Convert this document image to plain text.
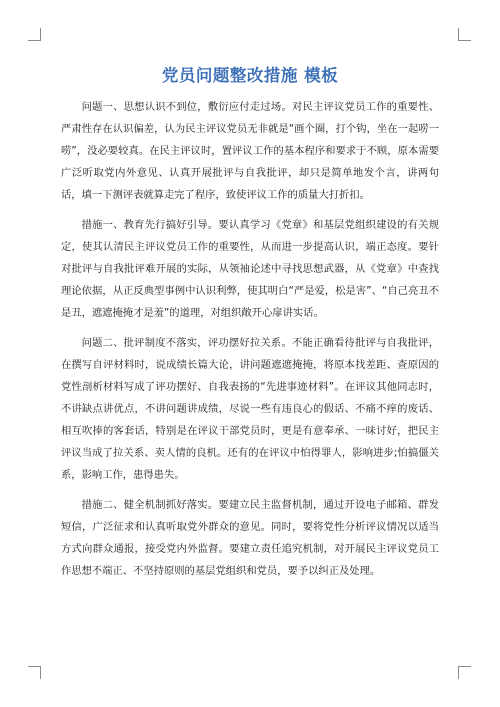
党员问题整改措施 模板

问题一、思想认识不到位，敷衍应付走过场。对民主评议党员工作的重要性、严肃性存在认识偏差，认为民主评议党员无非就是“画个圈，打个钩，坐在一起唠一唠”，没必要较真。在民主评议时，置评议工作的基本程序和要求于不顾，原本需要广泛听取党内外意见、认真开展批评与自我批评，却只是简单地发个言，讲两句话，填一下测评表就算走完了程序，致使评议工作的质量大打折扣。

措施一、教育先行搞好引导。要认真学习《党章》和基层党组织建设的有关规定，使其认清民主评议党员工作的重要性，从而进一步提高认识，端正态度。要针对批评与自我批评难开展的实际，从领袖论述中寻找思想武器，从《党章》中查找理论依据，从正反典型事例中认识利弊，使其明白“严是爱，松是害”、“自己亮丑不是丑，遮遮掩掩才是羞”的道理，对组织敞开心扉讲实话。

问题二、批评制度不落实，评功摆好拉关系。不能正确看待批评与自我批评，在撰写自评材料时，说成绩长篇大论，讲问题遮遮掩掩，将原本找差距、查原因的党性剖析材料写成了评功摆好、自我表扬的“先进事迹材料”。在评议其他同志时，不讲缺点讲优点，不讲问题讲成绩，尽说一些有违良心的假话、不痛不痒的废话、相互吹捧的客套话，特别是在评议干部党员时，更是有意奉承、一味讨好，把民主评议当成了拉关系、卖人情的良机。还有的在评议中怕得罪人，影响进步;怕搞僵关系，影响工作，患得患失。

措施二、健全机制抓好落实。要建立民主监督机制，通过开设电子邮箱、群发短信，广泛征求和认真听取党外群众的意见。同时，要将党性分析评议情况以适当方式向群众通报，接受党内外监督。要建立责任追究机制，对开展民主评议党员工作思想不端正、不坚持原则的基层党组织和党员，要予以纠正及处理。
